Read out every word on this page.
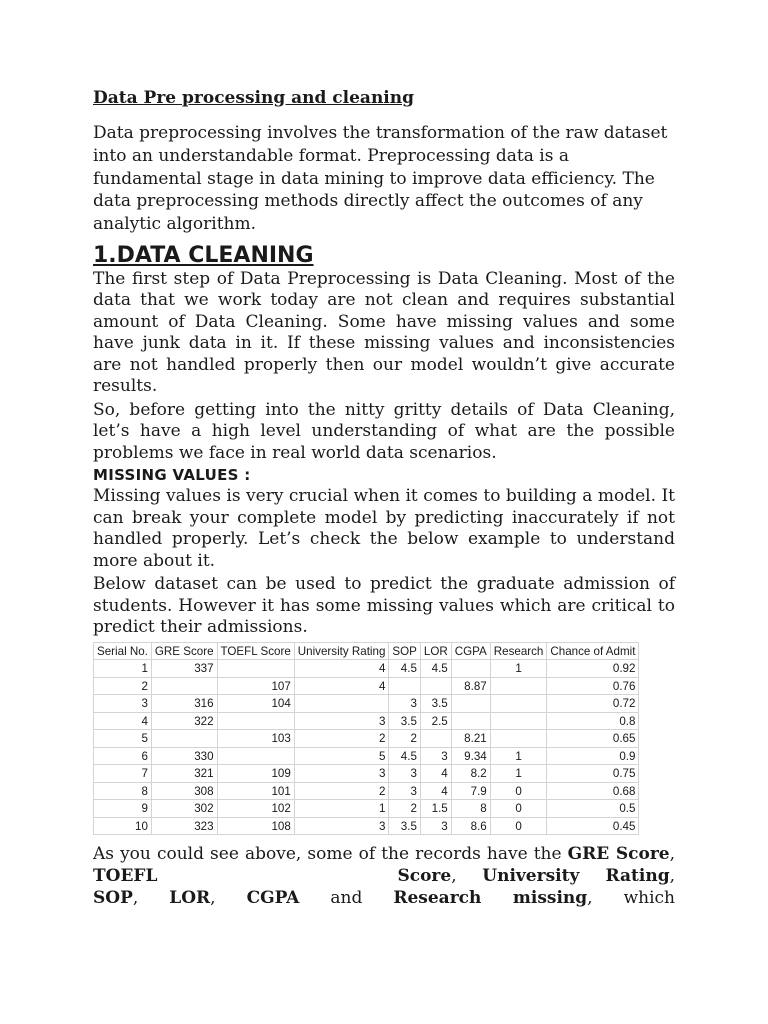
Data Pre processing and cleaning

Data preprocessing involves the transformation of the raw dataset into an understandable format. Preprocessing data is a fundamental stage in data mining to improve data efficiency. The data preprocessing methods directly affect the outcomes of any analytic algorithm.

1.DATA CLEANING

The first step of Data Preprocessing is Data Cleaning. Most of the data that we work today are not clean and requires substantial amount of Data Cleaning. Some have missing values and some have junk data in it. If these missing values and inconsistencies are not handled properly then our model wouldn’t give accurate results.

So, before getting into the nitty gritty details of Data Cleaning, let’s have a high level understanding of what are the possible problems we face in real world data scenarios.

MISSING VALUES :

Missing values is very crucial when it comes to building a model. It can break your complete model by predicting inaccurately if not handled properly. Let’s check the below example to understand more about it.

Below dataset can be used to predict the graduate admission of students. However it has some missing values which are critical to predict their admissions.

Serial No.	GRE Score	TOEFL Score	University Rating	SOP	LOR	CGPA	Research	Chance of Admit
1	337		4	4.5	4.5		1	0.92
2		107	4			8.87		0.76
3	316	104		3	3.5			0.72
4	322		3	3.5	2.5			0.8
5		103	2	2		8.21		0.65
6	330		5	4.5	3	9.34	1	0.9
7	321	109	3	3	4	8.2	1	0.75
8	308	101	2	3	4	7.9	0	0.68
9	302	102	1	2	1.5	8	0	0.5
10	323	108	3	3.5	3	8.6	0	0.45

As you could see above, some of the records have the GRE Score, TOEFL	Score, University Rating, SOP, LOR, CGPA and Research missing, which
